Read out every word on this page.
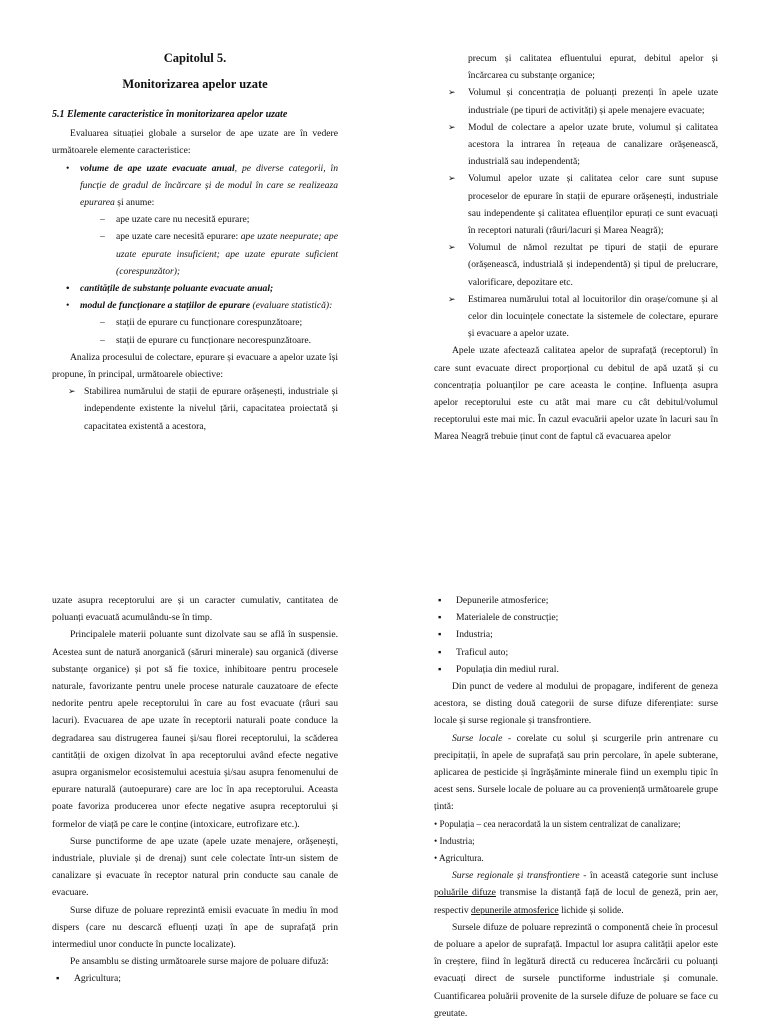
Capitolul 5.
Monitorizarea apelor uzate
5.1 Elemente caracteristice în monitorizarea apelor uzate

Evaluarea situației globale a surselor de ape uzate are în vedere următoarele elemente caracteristice:

• volume de ape uzate evacuate anual, pe diverse categorii, în funcție de gradul de încărcare și de modul în care se realizeaza epurarea și anume:
– ape uzate care nu necesită epurare;
– ape uzate care necesită epurare: ape uzate neepurate; ape uzate epurate insuficient; ape uzate epurate suficient (corespunzător);
• cantitățile de substanțe poluante evacuate anual;
• modul de funcționare a stațiilor de epurare (evaluare statistică):
– stații de epurare cu funcționare corespunzătoare;
– stații de epurare cu funcționare necorespunzătoare.

Analiza procesului de colectare, epurare și evacuare a apelor uzate își propune, în principal, următoarele obiective:

➢ Stabilirea numărului de stații de epurare orășenești, industriale și independente existente la nivelul țării, capacitatea proiectată și capacitatea existentă a acestora,

precum și calitatea efluentului epurat, debitul apelor și încărcarea cu substanțe organice;

➢ Volumul și concentrația de poluanți prezenți în apele uzate industriale (pe tipuri de activități) și apele menajere evacuate;
➢ Modul de colectare a apelor uzate brute, volumul și calitatea acestora la intrarea în rețeaua de canalizare orășenească, industrială sau independentă;
➢ Volumul apelor uzate și calitatea celor care sunt supuse proceselor de epurare în stații de epurare orășenești, industriale sau independente și calitatea efluenților epurați ce sunt evacuați în receptori naturali (râuri/lacuri și Marea Neagră);
➢ Volumul de nămol rezultat pe tipuri de stații de epurare (orășenească, industrială și independentă) și tipul de prelucrare, valorificare, depozitare etc.
➢ Estimarea numărului total al locuitorilor din orașe/comune și al celor din locuințele conectate la sistemele de colectare, epurare și evacuare a apelor uzate.

Apele uzate afectează calitatea apelor de suprafață (receptorul) în care sunt evacuate direct proporțional cu debitul de apă uzată și cu concentrația poluanților pe care aceasta le conține. Influența asupra apelor receptorului este cu atât mai mare cu cât debitul/volumul receptorului este mai mic. În cazul evacuării apelor uzate în lacuri sau în Marea Neagră trebuie ținut cont de faptul că evacuarea apelor

uzate asupra receptorului are și un caracter cumulativ, cantitatea de poluanți evacuată acumulându-se în timp.

Principalele materii poluante sunt dizolvate sau se află în suspensie. Acestea sunt de natură anorganică (săruri minerale) sau organică (diverse substanțe organice) și pot să fie toxice, inhibitoare pentru procesele naturale, favorizante pentru unele procese naturale cauzatoare de efecte nedorite pentru apele receptorului în care au fost evacuate (râuri sau lacuri). Evacuarea de ape uzate în receptorii naturali poate conduce la degradarea sau distrugerea faunei și/sau florei receptorului, la scăderea cantității de oxigen dizolvat în apa receptorului având efecte negative asupra organismelor ecosistemului acestuia și/sau asupra fenomenului de epurare naturală (autoepurare) care are loc în apa receptorului. Aceasta poate favoriza producerea unor efecte negative asupra receptorului și formelor de viață pe care le conține (intoxicare, eutrofizare etc.).

Surse punctiforme de ape uzate (apele uzate menajere, orășenești, industriale, pluviale și de drenaj) sunt cele colectate într-un sistem de canalizare și evacuate în receptor natural prin conducte sau canale de evacuare.

Surse difuze de poluare reprezintă emisii evacuate în mediu în mod dispers (care nu descarcă efluenți uzați în ape de suprafață prin intermediul unor conducte în puncte localizate).

Pe ansamblu se disting următoarele surse majore de poluare difuză:

▪ Agricultura;
▪ Depunerile atmosferice;
▪ Materialele de construcție;
▪ Industria;
▪ Traficul auto;
▪ Populația din mediul rural.

Din punct de vedere al modului de propagare, indiferent de geneza acestora, se disting două categorii de surse difuze diferențiate: surse locale și surse regionale și transfrontiere.

Surse locale - corelate cu solul și scurgerile prin antrenare cu precipitații, în apele de suprafață sau prin percolare, în apele subterane, aplicarea de pesticide și îngrășăminte minerale fiind un exemplu tipic în acest sens. Sursele locale de poluare au ca proveniență următoarele grupe țintă:

• Populația – cea neracordată la un sistem centralizat de canalizare;

• Industria;

• Agricultura.

Surse regionale și transfrontiere - în această categorie sunt incluse poluările difuze transmise la distanță față de locul de geneză, prin aer, respectiv depunerile atmosferice lichide și solide.

Sursele difuze de poluare reprezintă o componentă cheie în procesul de poluare a apelor de suprafață. Impactul lor asupra calității apelor este în creștere, fiind în legătură directă cu reducerea încărcării cu poluanți evacuați direct de sursele punctiforme industriale și comunale. Cuantificarea poluării provenite de la sursele difuze de poluare se face cu greutate.
